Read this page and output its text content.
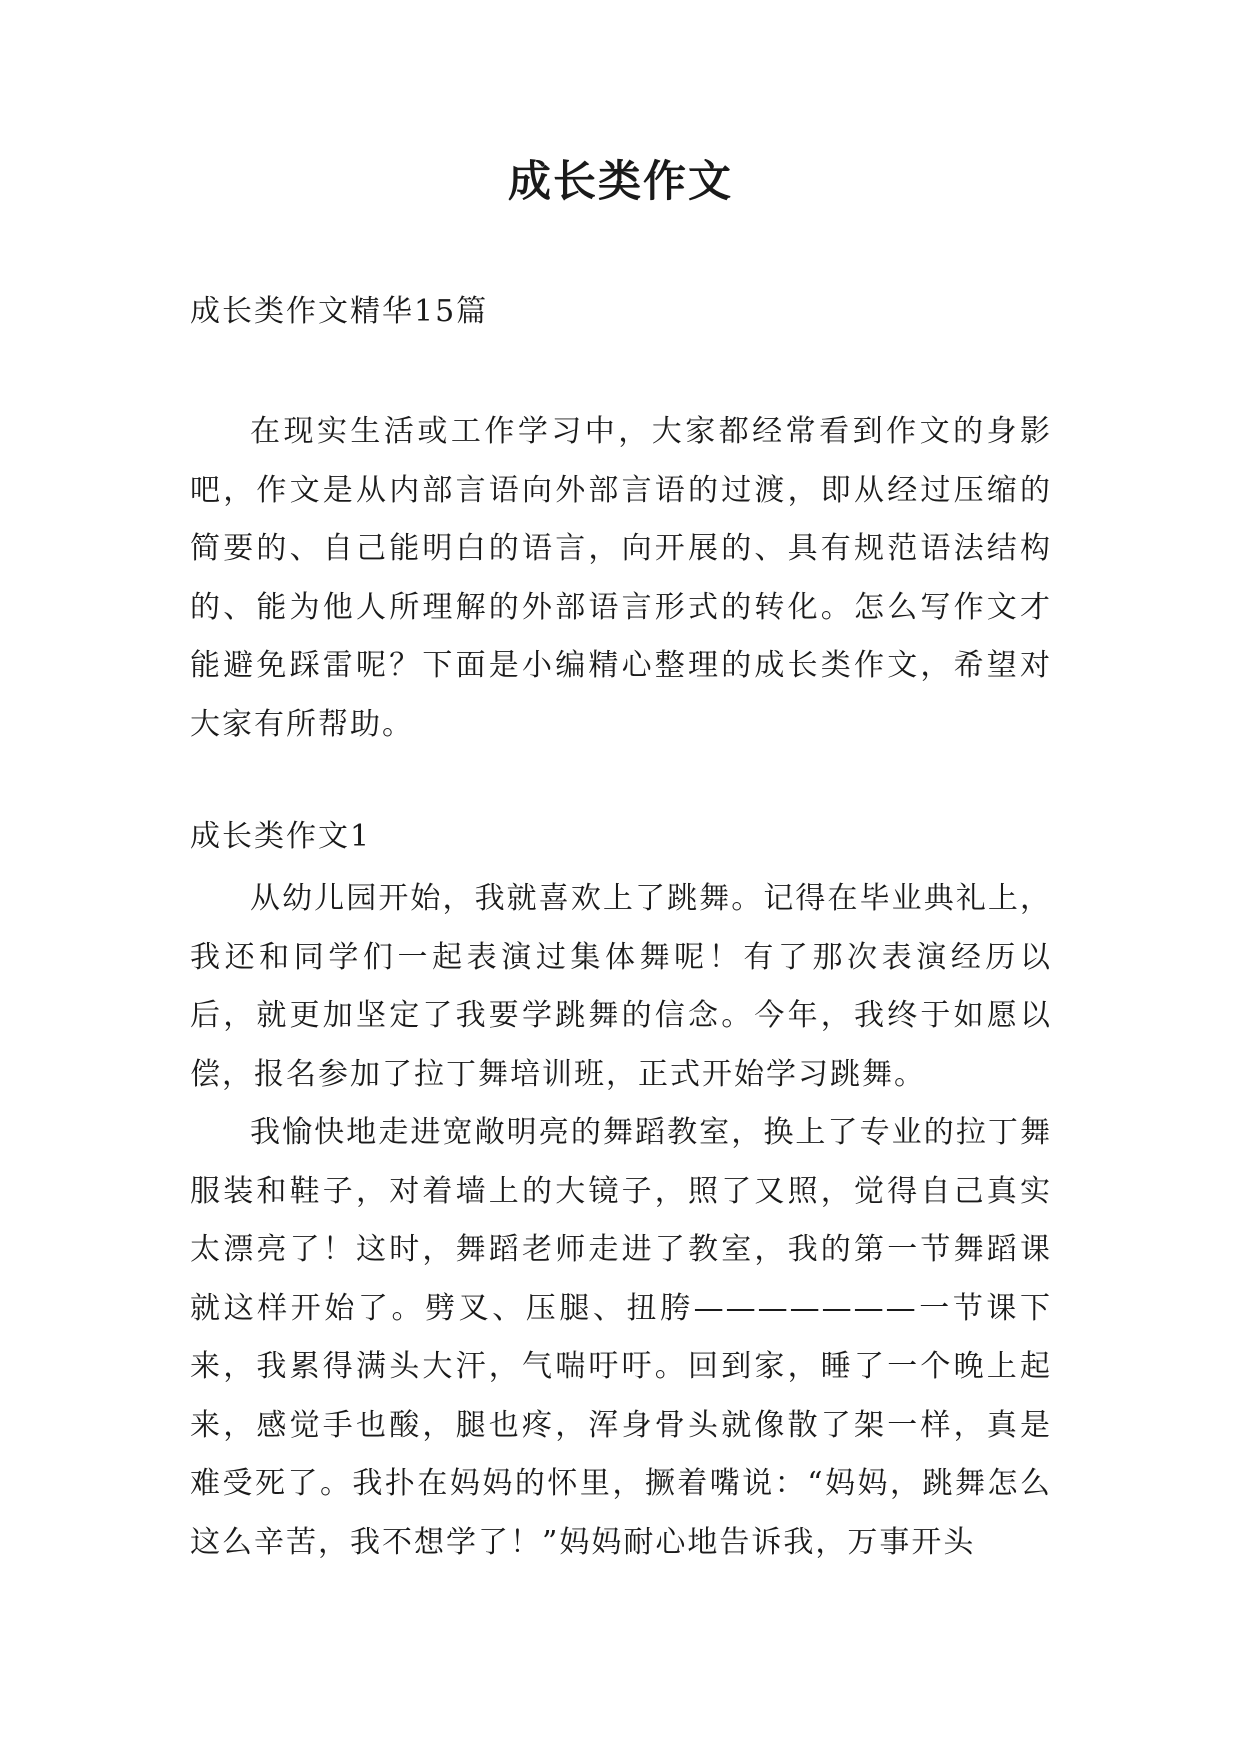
成长类作文
成长类作文精华15篇

在现实生活或工作学习中，大家都经常看到作文的身影吧，作文是从内部言语向外部言语的过渡，即从经过压缩的简要的、自己能明白的语言，向开展的、具有规范语法结构的、能为他人所理解的外部语言形式的转化。怎么写作文才能避免踩雷呢？下面是小编精心整理的成长类作文，希望对大家有所帮助。

成长类作文1

从幼儿园开始，我就喜欢上了跳舞。记得在毕业典礼上，我还和同学们一起表演过集体舞呢！有了那次表演经历以后，就更加坚定了我要学跳舞的信念。今年，我终于如愿以偿，报名参加了拉丁舞培训班，正式开始学习跳舞。

我愉快地走进宽敞明亮的舞蹈教室，换上了专业的拉丁舞服装和鞋子，对着墙上的大镜子，照了又照，觉得自己真实太漂亮了！这时，舞蹈老师走进了教室，我的第一节舞蹈课就这样开始了。劈叉、压腿、扭胯———————一节课下来，我累得满头大汗，气喘吁吁。回到家，睡了一个晚上起来，感觉手也酸，腿也疼，浑身骨头就像散了架一样，真是难受死了。我扑在妈妈的怀里，撅着嘴说：“妈妈，跳舞怎么这么辛苦，我不想学了！”妈妈耐心地告诉我，万事开头
